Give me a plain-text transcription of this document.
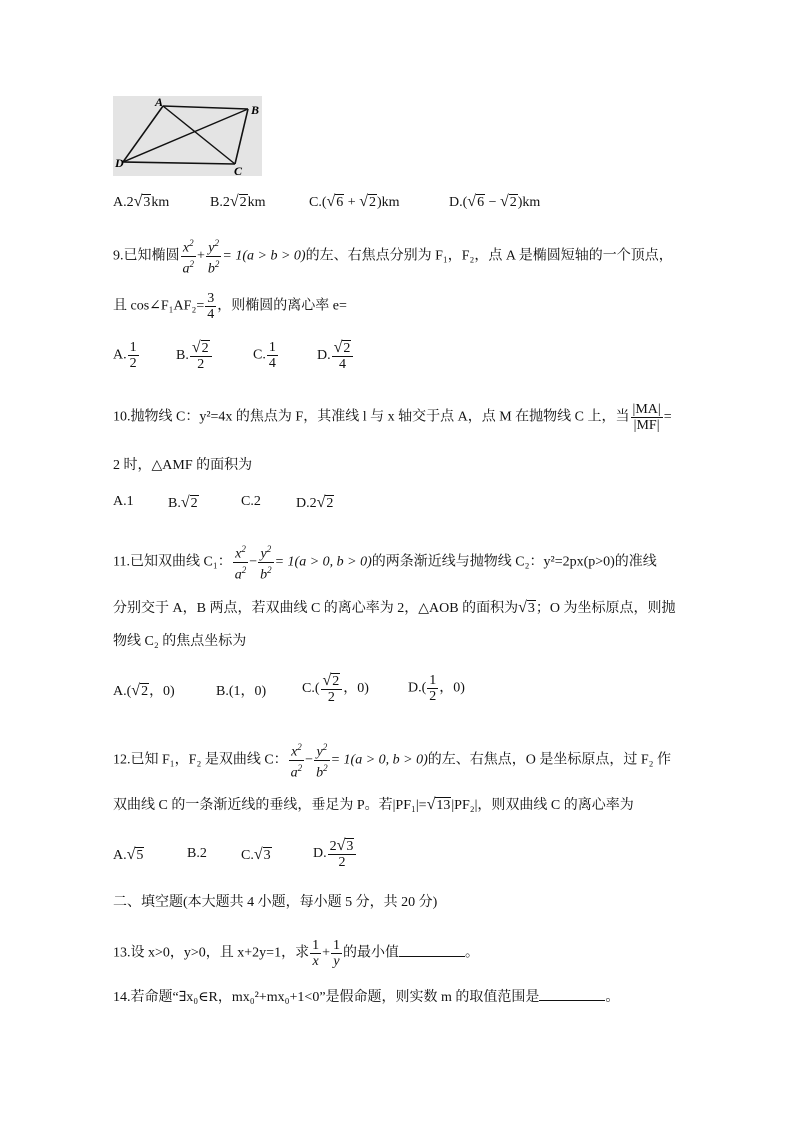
A
B
C
D
A.2√3km	B.2√2km	C.(√6 + √2)km	D.(√6 − √2)km
9.已知椭圆 $\frac{x^2}{a^2} + \frac{y^2}{b^2} = 1(a > b > 0)$的左、右焦点分别为 F₁，F₂，点 A 是椭圆短轴的一个顶点，
且 cos∠F₁AF₂= $\frac{3}{4}$ ，则椭圆的离心率 e=
A. $\frac{1}{2}$	B. $\frac{√2}{2}$	C. $\frac{1}{4}$	D. $\frac{√2}{4}$
10.抛物线 C：y²=4x 的焦点为 F，其准线 l 与 x 轴交于点 A，点 M 在抛物线 C 上，当 $\frac{|MA|}{|MF|}$ =
2 时，△AMF 的面积为
A.1 B.√2	C.2	D.2√2
11.已知双曲线 C₁： $\frac{x^2}{a^2} - \frac{y^2}{b^2} = 1(a > 0$, b > 0)的两条渐近线与抛物线 C₂：y²=2px(p>0)的准线
分别交于 A，B 两点，若双曲线 C 的离心率为 2，△AOB 的面积为√3；O 为坐标原点，则抛
物线 C₂ 的焦点坐标为
A.(√2，0)	B.(1，0)	$C.( \frac{√2}{2}$ ，0)	$D.( \frac{1}{2}$ ，0)
12.已知 F₁，F₂ 是双曲线 C： $\frac{x^2}{a^2} - \frac{y^2}{b^2} = 1(a > 0$, b > 0)的左、右焦点，O 是坐标原点，过 F₂ 作
双曲线 C 的一条渐近线的垂线，垂足为 P。若|PF₁|=√13|PF₂|，则双曲线 C 的离心率为
A.√5	B.2 C.√3	D. $\frac{2√3}{2}$
二、填空题(本大题共 4 小题，每小题 5 分，共 20 分)
13.设 x>0，y>0，且 x+2y=1，求 $\frac{1}{x} + \frac{1}{y}$ 的最小值	。
14.若命题“∃x₀∈R，mx₀²+mx₀+1<0”是假命题，则实数 m 的取值范围是	。
